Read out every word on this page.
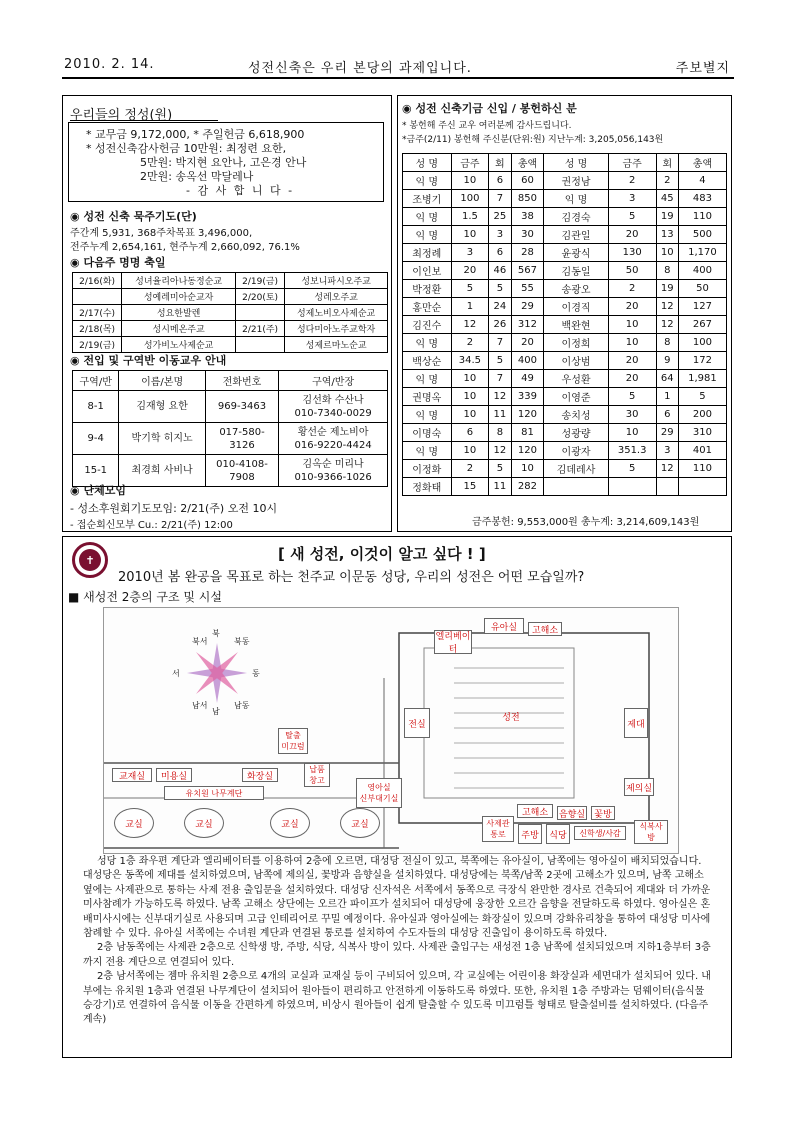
2010. 2. 14.	성전신축은 우리 본당의 과제입니다.	주보별지
우리들의 정성(원)
* 교무금 9,172,000, * 주일헌금 6,618,900
* 성전신축감사헌금 10만원: 최정련 요한,
5만원: 박지현 요안나, 고은경 안나
2만원: 송옥선 막달레나
- 감 사 합 니 다 -
◉ 성전 신축 묵주기도(단)
주간계 5,931, 368주차목표 3,496,000,
전주누계 2,654,161, 현주누계 2,660,092, 76.1%
◉ 다음주 명명 축일
2/16(화)	성녀율리아나동정순교	2/19(금)	성보니파시오주교
	성예레미아순교자	2/20(토)	성레오주교
2/17(수)	성요한발렌		성제노비오사제순교
2/18(목)	성시메온주교	2/21(주)	성다미아노주교학자
2/19(금)	성가비노사제순교		성제르마노순교
◉ 전입 및 구역반 이동교우 안내
구역/반	이름/본명	전화번호	구역/반장
8-1	김재형 요한	969-3463	김선화 수산나
010-7340-0029
9-4	박기학 히지노	017-580-
3126	황선순 제노비아
016-9220-4424
15-1	최경희 사비나	010-4108-
7908	김옥순 미리나
010-9366-1026
◉ 단체모임
- 성소후원회기도모임: 2/21(주) 오전 10시
- 접순회신모부 Cu.: 2/21(주) 12:00
◉ 성전 신축기금 신입 / 봉헌하신 분
* 봉헌해 주신 교우 여러분께 감사드립니다.
*금주(2/11) 봉헌해 주신분(단위:원) 지난누계: 3,205,056,143원
성 명	금주	회	총액	성 명	금주	회	총액
익 명	10	6	60	권정남	2	2	4
조병기	100	7	850	익 명	3	45	483
익 명	1.5	25	38	김경숙	5	19	110
익 명	10	3	30	김관일	20	13	500
최정례	3	6	28	윤광식	130	10	1,170
이인보	20	46	567	김동일	50	8	400
박정환	5	5	55	송광오	2	19	50
홍만순	1	24	29	이경직	20	12	127
김진수	12	26	312	백완현	10	12	267
익 명	2	7	20	이정희	10	8	100
백상순	34.5	5	400	이상범	20	9	172
익 명	10	7	49	우성환	20	64	1,981
권명옥	10	12	339	이영준	5	1	5
익 명	10	11	120	송치성	30	6	200
이명숙	6	8	81	성광량	10	29	310
익 명	10	12	120	이광자	351.3	3	401
이정화	2	5	10	김데레사	5	12	110
정화태	15	11	282				
금주봉헌: 9,553,000원 총누계: 3,214,609,143원
✝	[ 새 성전, 이것이 알고 싶다 ! ]
2010년 봄 완공을 목표로 하는 천주교 이문동 성당, 우리의 성전은 어떤 모습일까?
■ 새성전 2층의 구조 및 시설
북서
북
북동
서	동
남서
남
남동
유아실	고해소
엘리베이터
전실
성전
제대
제의실
영아실
신부대기실
고해소	음향실	꽃방
사제관
통로	주방	식당
식복사
방
신학생/사감
화장실
교실	교실	교실	교실
유치원 나무계단
교재실
납품
창고
미용실
탈출
미끄럼

성당 1층 좌우편 계단과 엘리베이터를 이용하여 2층에 오르면, 대성당 전실이 있고, 북쪽에는 유아실이, 남쪽에는 영아실이 배치되었습니다. 대성당은 동쪽에 제대를 설치하였으며, 남쪽에 제의실, 꽃방과 음향실을 설치하였다. 대성당에는 북쪽/남쪽 2곳에 고해소가 있으며, 남쪽 고해소 옆에는 사제관으로 통하는 사제 전용 출입문을 설치하였다. 대성당 신자석은 서쪽에서 동쪽으로 극장식 완만한 경사로 건축되어 제대와 더 가까운 미사참례가 가능하도록 하였다. 남쪽 고해소 상단에는 오르간 파이프가 설치되어 대성당에 웅장한 오르간 음향을 전달하도록 하였다. 영아실은 혼배미사시에는 신부대기실로 사용되며 고급 인테리어로 꾸밀 예정이다. 유아실과 영아실에는 화장실이 있으며 강화유리창을 통하여 대성당 미사에 참례할 수 있다. 유아실 서쪽에는 수녀원 계단과 연결된 통로를 설치하여 수도자들의 대성당 진출입이 용이하도록 하였다.

2층 남동쪽에는 사제관 2층으로 신학생 방, 주방, 식당, 식복사 방이 있다. 사제관 출입구는 새성전 1층 남쪽에 설치되었으며 지하1층부터 3층까지 전용 계단으로 연결되어 있다.

2층 남서쪽에는 젬마 유치원 2층으로 4개의 교실과 교재실 등이 구비되어 있으며, 각 교실에는 어린이용 화장실과 세면대가 설치되어 있다. 내부에는 유치원 1층과 연결된 나무계단이 설치되어 원아들이 편리하고 안전하게 이동하도록 하였다. 또한, 유치원 1층 주방과는 덤웨이터(음식물 승강기)로 연결하여 음식물 이동을 간편하게 하였으며, 비상시 원아들이 쉽게 탈출할 수 있도록 미끄럼틀 형태로 탈출설비를 설치하였다. (다음주 계속)
